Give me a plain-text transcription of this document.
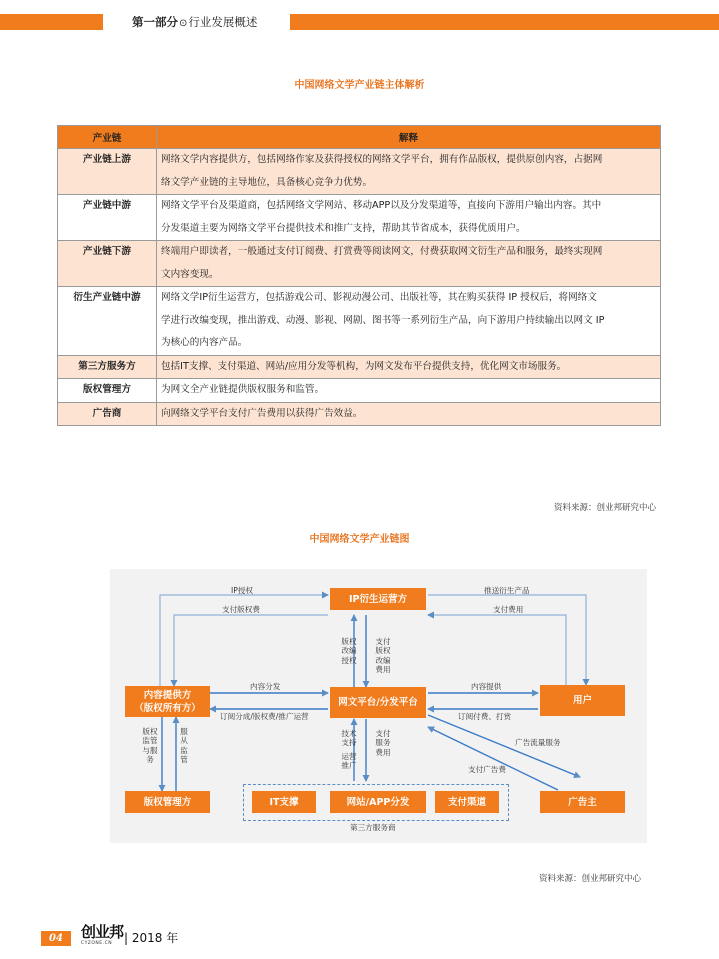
第一部分⊙行业发展概述
中国网络文学产业链主体解析
产业链	解释
产业链上游	网络文学内容提供方，包括网络作家及获得授权的网络文学平台，拥有作品版权，提供原创内容，占据网
络文学产业链的主导地位，具备核心竞争力优势。

产业链中游	网络文学平台及渠道商，包括网络文学网站、移动APP以及分发渠道等，直接向下游用户输出内容。其中
分发渠道主要为网络文学平台提供技术和推广支持，帮助其节省成本，获得优质用户。

产业链下游	终端用户即读者，一般通过支付订阅费、打赏费等阅读网文，付费获取网文衍生产品和服务，最终实现网
文内容变现。

衍生产业链中游	网络文学IP衍生运营方，包括游戏公司、影视动漫公司、出版社等，其在购买获得 IP 授权后，将网络文
学进行改编变现，推出游戏、动漫、影视、网剧、图书等一系列衍生产品，向下游用户持续输出以网文 IP
为核心的内容产品。

第三方服务方	包括IT支撑、支付渠道、网站/应用分发等机构，为网文发布平台提供支持，优化网文市场服务。

版权管理方	为网文全产业链提供版权服务和监管。

广告商	向网络文学平台支付广告费用以获得广告效益。
资料来源：创业邦研究中心
中国网络文学产业链图
IP衍生运营方
内容提供方
（版权所有方）	网文平台/分发平台	用户
版权管理方	IT支撑	网站/APP分发	支付渠道	广告主
IP授权
支付版权费
推送衍生产品
支付费用
内容分发
订阅分成/版权费/推广运营
内容提供
订阅付费、打赏
广告流量服务
支付广告费
第三方服务商
版权改编授权
支付版权改编费用
技术支持
运营推广
支付服务费用
版权监管与服务
服从监管
资料来源：创业邦研究中心
04	创业邦
CYZONE.CN | 2018 年
